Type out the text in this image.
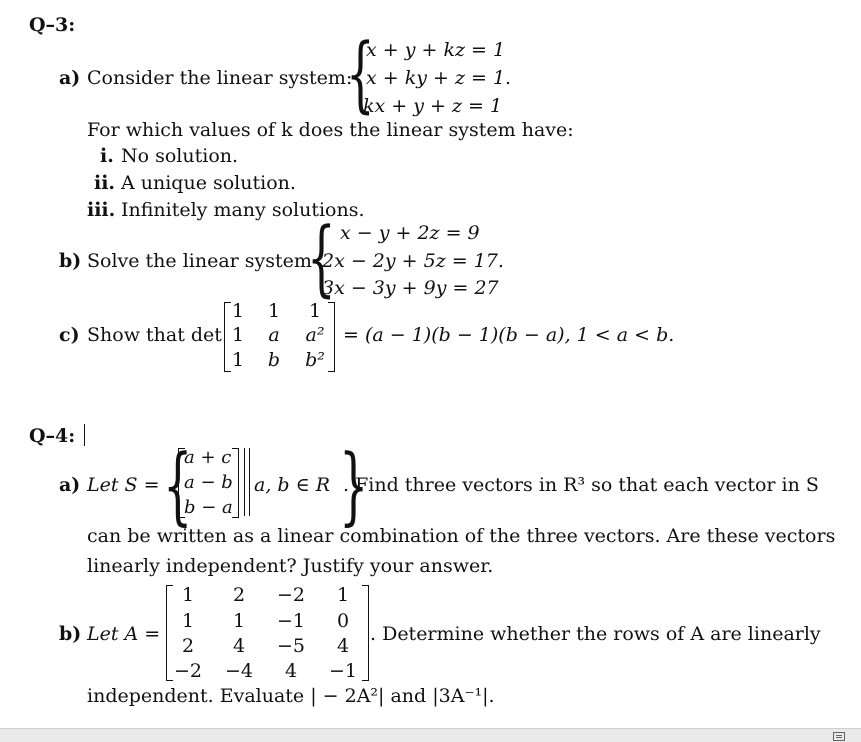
Q–3:
a) Consider the linear system:
{
x + y + kz = 1
x + ky + z = 1.
kx + y + z = 1
For which values of k does the linear system have:
i. No solution.
ii. A unique solution.
iii. Infinitely many solutions.
b) Solve the linear system
{ x − y + 2z = 9
2x − 2y + 5z = 17.
3x − 3y + 9y = 27
c) Show that det
1	1	1
1	a	a²
1	b	b²
= (a − 1)(b − 1)(b − a), 1 < a < b.
Q–4:
a) Let S = {
a + c
a − b
b − a
a, b ∈ R {
. Find three vectors in R³ so that each vector in S
can be written as a linear combination of the three vectors. Are these vectors
linearly independent? Justify your answer.
b) Let A =
1	2	−2	1
1	1	−1	0
2	4	−5	4
−2	−4	4	−1
. Determine whether the rows of A are linearly
independent. Evaluate | − 2A²| and |3A⁻¹|.
